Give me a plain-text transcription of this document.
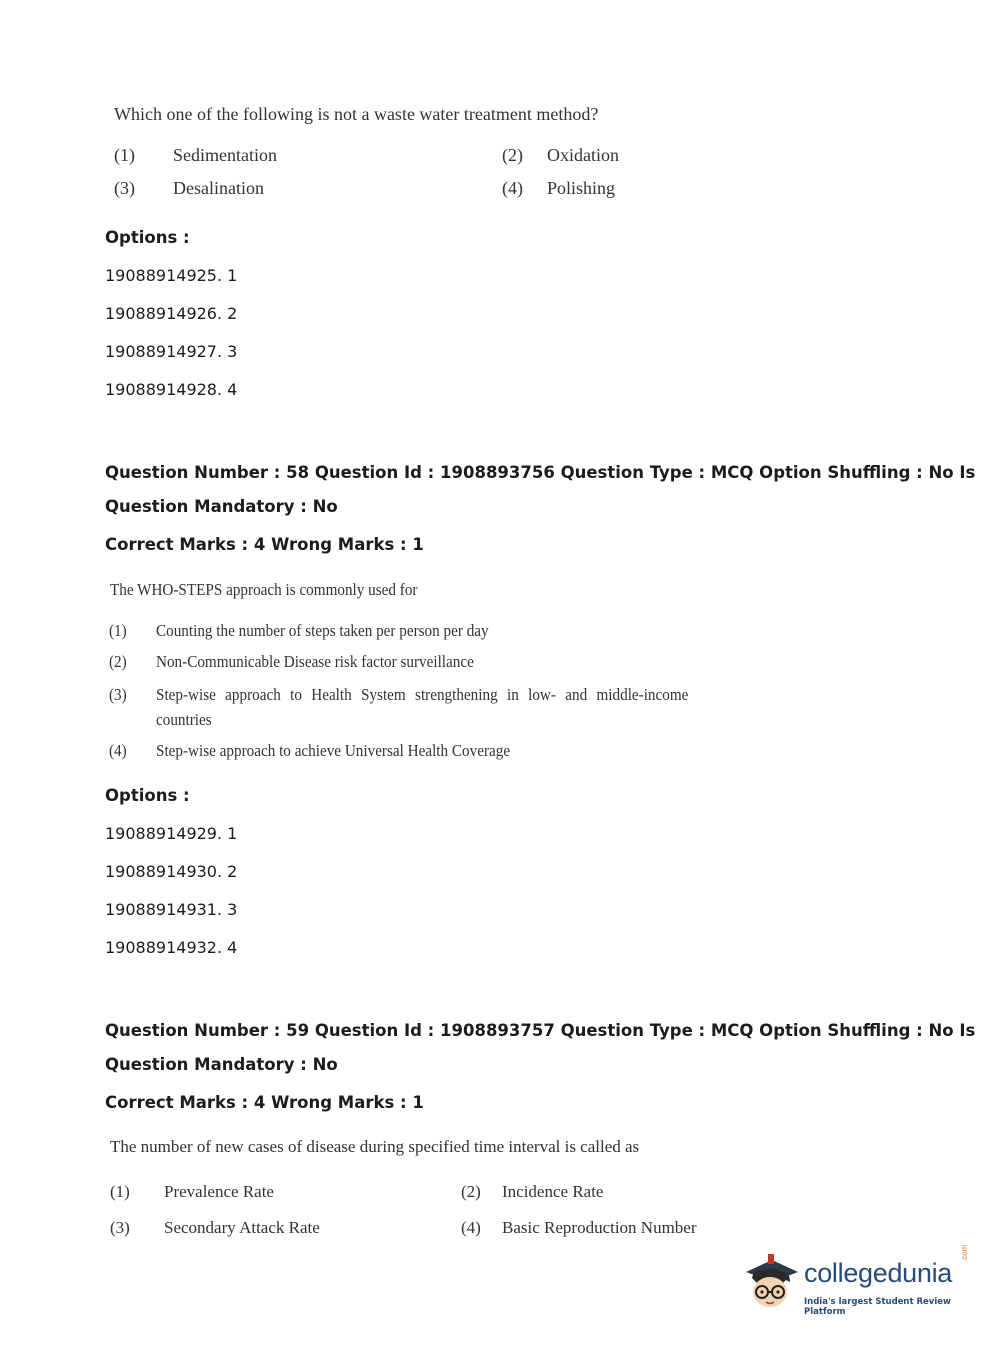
Which one of the following is not a waste water treatment method?
(1) Sedimentation	(2) Oxidation
(3) Desalination	(4) Polishing
Options :
19088914925. 1
19088914926. 2
19088914927. 3
19088914928. 4
Question Number : 58 Question Id : 1908893756 Question Type : MCQ Option Shuffling : No Is
Question Mandatory : No
Correct Marks : 4 Wrong Marks : 1
The WHO-STEPS approach is commonly used for
(1) Counting the number of steps taken per person per day
(2) Non-Communicable Disease risk factor surveillance
(3) Step-wise approach to Health System strengthening in low- and middle-income
countries
(4) Step-wise approach to achieve Universal Health Coverage
Options :
19088914929. 1
19088914930. 2
19088914931. 3
19088914932. 4
Question Number : 59 Question Id : 1908893757 Question Type : MCQ Option Shuffling : No Is
Question Mandatory : No
Correct Marks : 4 Wrong Marks : 1
The number of new cases of disease during specified time interval is called as
(1) Prevalence Rate	(2) Incidence Rate
(3) Secondary Attack Rate	(4) Basic Reproduction Number
collegedunia
.com
India's largest Student Review Platform
